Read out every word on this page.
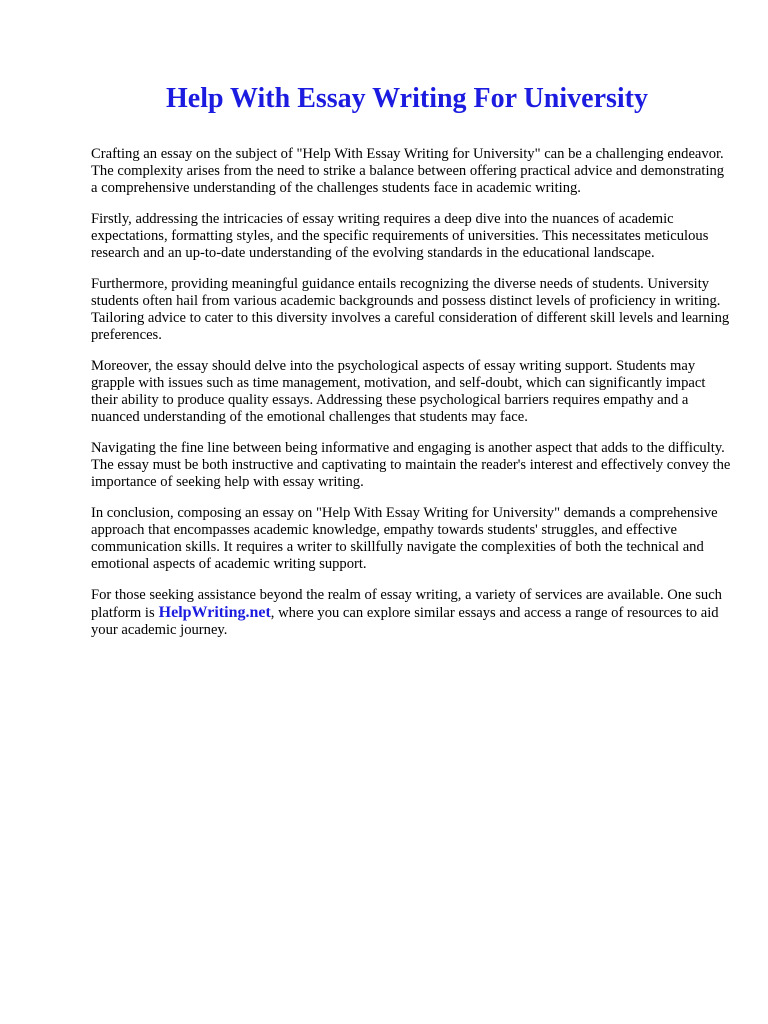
Help With Essay Writing For University

Crafting an essay on the subject of "Help With Essay Writing for University" can be a challenging endeavor. The complexity arises from the need to strike a balance between offering practical advice and demonstrating a comprehensive understanding of the challenges students face in academic writing.

Firstly, addressing the intricacies of essay writing requires a deep dive into the nuances of academic expectations, formatting styles, and the specific requirements of universities. This necessitates meticulous research and an up-to-date understanding of the evolving standards in the educational landscape.

Furthermore, providing meaningful guidance entails recognizing the diverse needs of students. University students often hail from various academic backgrounds and possess distinct levels of proficiency in writing. Tailoring advice to cater to this diversity involves a careful consideration of different skill levels and learning preferences.

Moreover, the essay should delve into the psychological aspects of essay writing support. Students may grapple with issues such as time management, motivation, and self-doubt, which can significantly impact their ability to produce quality essays. Addressing these psychological barriers requires empathy and a nuanced understanding of the emotional challenges that students may face.

Navigating the fine line between being informative and engaging is another aspect that adds to the difficulty. The essay must be both instructive and captivating to maintain the reader's interest and effectively convey the importance of seeking help with essay writing.

In conclusion, composing an essay on "Help With Essay Writing for University" demands a comprehensive approach that encompasses academic knowledge, empathy towards students' struggles, and effective communication skills. It requires a writer to skillfully navigate the complexities of both the technical and emotional aspects of academic writing support.

For those seeking assistance beyond the realm of essay writing, a variety of services are available. One such platform is HelpWriting.net, where you can explore similar essays and access a range of resources to aid your academic journey.
